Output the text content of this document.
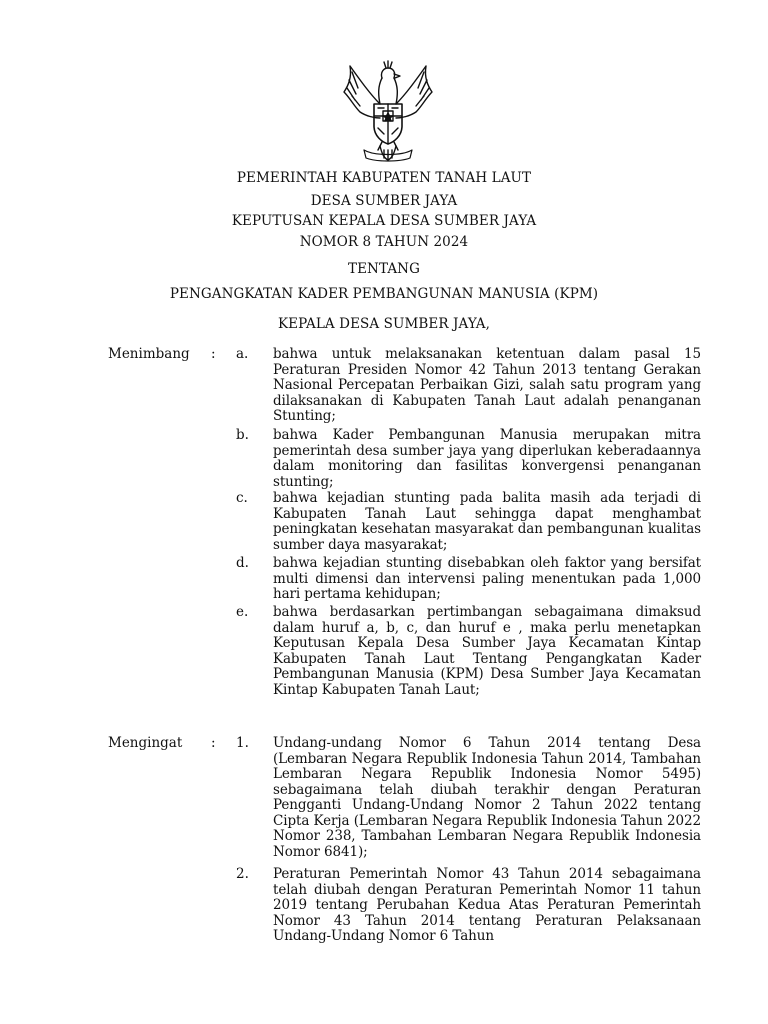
PEMERINTAH KABUPATEN TANAH LAUT
DESA SUMBER JAYA
KEPUTUSAN KEPALA DESA SUMBER JAYA
NOMOR 8 TAHUN 2024
TENTANG
PENGANGKATAN KADER PEMBANGUNAN MANUSIA (KPM)
KEPALA DESA SUMBER JAYA,
Menimbang : a.	bahwa untuk melaksanakan ketentuan dalam pasal 15 Peraturan Presiden Nomor 42 Tahun 2013 tentang Gerakan Nasional Percepatan Perbaikan Gizi, salah satu program yang dilaksanakan di Kabupaten Tanah Laut adalah penanganan Stunting;
b.	bahwa Kader Pembangunan Manusia merupakan mitra pemerintah desa sumber jaya yang diperlukan keberadaannya dalam monitoring dan fasilitas konvergensi penanganan stunting;
c.	bahwa kejadian stunting pada balita masih ada terjadi di Kabupaten Tanah Laut sehingga dapat menghambat peningkatan kesehatan masyarakat dan pembangunan kualitas sumber daya masyarakat;
d.	bahwa kejadian stunting disebabkan oleh faktor yang bersifat multi dimensi dan intervensi paling menentukan pada 1,000 hari pertama kehidupan;
e.	bahwa berdasarkan pertimbangan sebagaimana dimaksud dalam huruf a, b, c, dan huruf e , maka perlu menetapkan Keputusan Kepala Desa Sumber Jaya Kecamatan Kintap Kabupaten Tanah Laut Tentang Pengangkatan Kader Pembangunan Manusia (KPM) Desa Sumber Jaya Kecamatan Kintap Kabupaten Tanah Laut;
Mengingat : 1.	Undang-undang Nomor 6 Tahun 2014 tentang Desa (Lembaran Negara Republik Indonesia Tahun 2014, Tambahan Lembaran Negara Republik Indonesia Nomor 5495) sebagaimana telah diubah terakhir dengan Peraturan Pengganti Undang-Undang Nomor 2 Tahun 2022 tentang Cipta Kerja (Lembaran Negara Republik Indonesia Tahun 2022 Nomor 238, Tambahan Lembaran Negara Republik Indonesia Nomor 6841);
2.	Peraturan Pemerintah Nomor 43 Tahun 2014 sebagaimana telah diubah dengan Peraturan Pemerintah Nomor 11 tahun 2019 tentang Perubahan Kedua Atas Peraturan Pemerintah Nomor 43 Tahun 2014 tentang Peraturan Pelaksanaan Undang-Undang Nomor 6 Tahun
